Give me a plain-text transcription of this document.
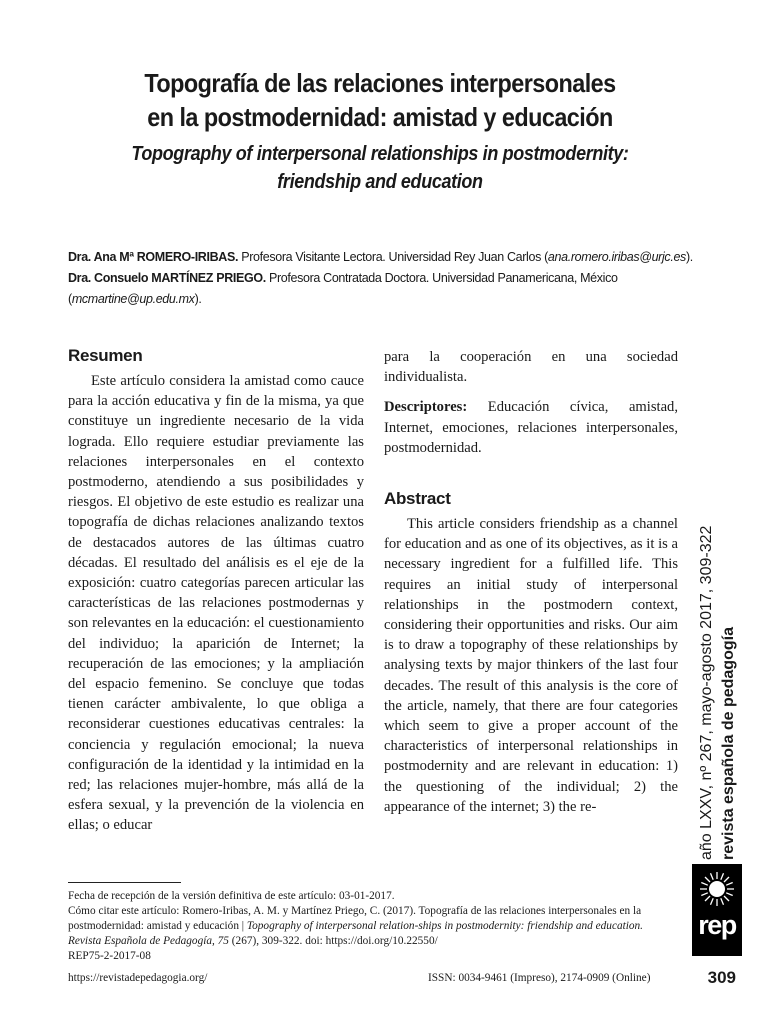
Topografía de las relaciones interpersonales
en la postmodernidad: amistad y educación
Topography of interpersonal relationships in postmodernity:
friendship and education
Dra. Ana Mª ROMERO-IRIBAS. Profesora Visitante Lectora. Universidad Rey Juan Carlos (ana.romero.iribas@urjc.es).
Dra. Consuelo MARTÍNEZ PRIEGO. Profesora Contratada Doctora. Universidad Panamericana, México (mcmartine@up.edu.mx).
Resumen

Este artículo considera la amistad como cauce para la acción educativa y fin de la misma, ya que constituye un ingrediente necesario de la vida lograda. Ello requiere estudiar previamente las relaciones interpersonales en el contexto postmoderno, atendiendo a sus posibilidades y riesgos. El objetivo de este estudio es realizar una topografía de dichas relaciones analizando textos de destacados autores de las últimas cuatro décadas. El resultado del análisis es el eje de la exposición: cuatro categorías parecen articular las características de las relaciones postmodernas y son relevantes en la educación: el cuestionamiento del individuo; la aparición de Internet; la recuperación de las emociones; y la ampliación del espacio femenino. Se concluye que todas tienen carácter ambivalente, lo que obliga a reconsiderar cuestiones educativas centrales: la conciencia y regulación emocional; la nueva configuración de la identidad y la intimidad en la red; las relaciones mujer-hombre, más allá de la esfera sexual, y la prevención de la violencia en ellas; o educar

para la cooperación en una sociedad individualista.

Descriptores: Educación cívica, amistad, Internet, emociones, relaciones interpersonales, postmodernidad.

Abstract

This article considers friendship as a channel for education and as one of its objectives, as it is a necessary ingredient for a fulfilled life. This requires an initial study of interpersonal relationships in the postmodern context, considering their opportunities and risks. Our aim is to draw a topography of these relationships by analysing texts by major thinkers of the last four decades. The result of this analysis is the core of the article, namely, that there are four categories which seem to give a proper account of the characteristics of interpersonal relationships in postmodernity and are relevant in education: 1) the questioning of the individual; 2) the appearance of the internet; 3) the re-

Fecha de recepción de la versión definitiva de este artículo: 03-01-2017.

Cómo citar este artículo: Romero-Iribas, A. M. y Martínez Priego, C. (2017). Topografía de las relaciones interpersonales en la postmodernidad: amistad y educación | Topography of interpersonal relation-ships in postmodernity: friendship and education. Revista Española de Pedagogía, 75 (267), 309-322. doi: https://doi.org/10.22550/

REP75-2-2017-08

https://revistadepedagogia.org/	ISSN: 0034-9461 (Impreso), 2174-0909 (Online)	309
año LXXV, nº 267, mayo-agosto 2017, 309-322 revista española de pedagogía
rep
